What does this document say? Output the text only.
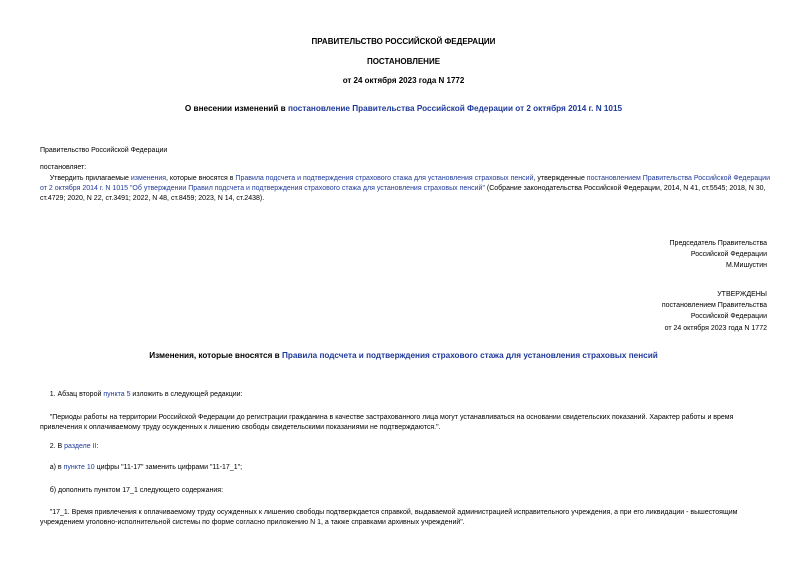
ПРАВИТЕЛЬСТВО РОССИЙСКОЙ ФЕДЕРАЦИИ
ПОСТАНОВЛЕНИЕ
от 24 октября 2023 года N 1772
О внесении изменений в постановление Правительства Российской Федерации от 2 октября 2014 г. N 1015
Правительство Российской Федерации
постановляет:

Утвердить прилагаемые изменения, которые вносятся в Правила подсчета и подтверждения страхового стажа для установления страховых пенсий, утвержденные постановлением Правительства Российской Федерации от 2 октября 2014 г. N 1015 "Об утверждении Правил подсчета и подтверждения страхового стажа для установления страховых пенсий" (Собрание законодательства Российской Федерации, 2014, N 41, ст.5545; 2018, N 30, ст.4729; 2020, N 22, ст.3491; 2022, N 48, ст.8459; 2023, N 14, ст.2438).

Председатель Правительства
Российской Федерации
М.Мишустин
УТВЕРЖДЕНЫ
постановлением Правительства
Российской Федерации
от 24 октября 2023 года N 1772
Изменения, которые вносятся в Правила подсчета и подтверждения страхового стажа для установления страховых пенсий

1. Абзац второй пункта 5 изложить в следующей редакции:

"Периоды работы на территории Российской Федерации до регистрации гражданина в качестве застрахованного лица могут устанавливаться на основании свидетельских показаний. Характер работы и время привлечения к оплачиваемому труду осужденных к лишению свободы свидетельскими показаниями не подтверждаются.".

2. В разделе II:

а) в пункте 10 цифры "11-17" заменить цифрами "11-17_1";

б) дополнить пунктом 17_1 следующего содержания:

"17_1. Время привлечения к оплачиваемому труду осужденных к лишению свободы подтверждается справкой, выдаваемой администрацией исправительного учреждения, а при его ликвидации - вышестоящим учреждением уголовно-исполнительной системы по форме согласно приложению N 1, а также справками архивных учреждений".
